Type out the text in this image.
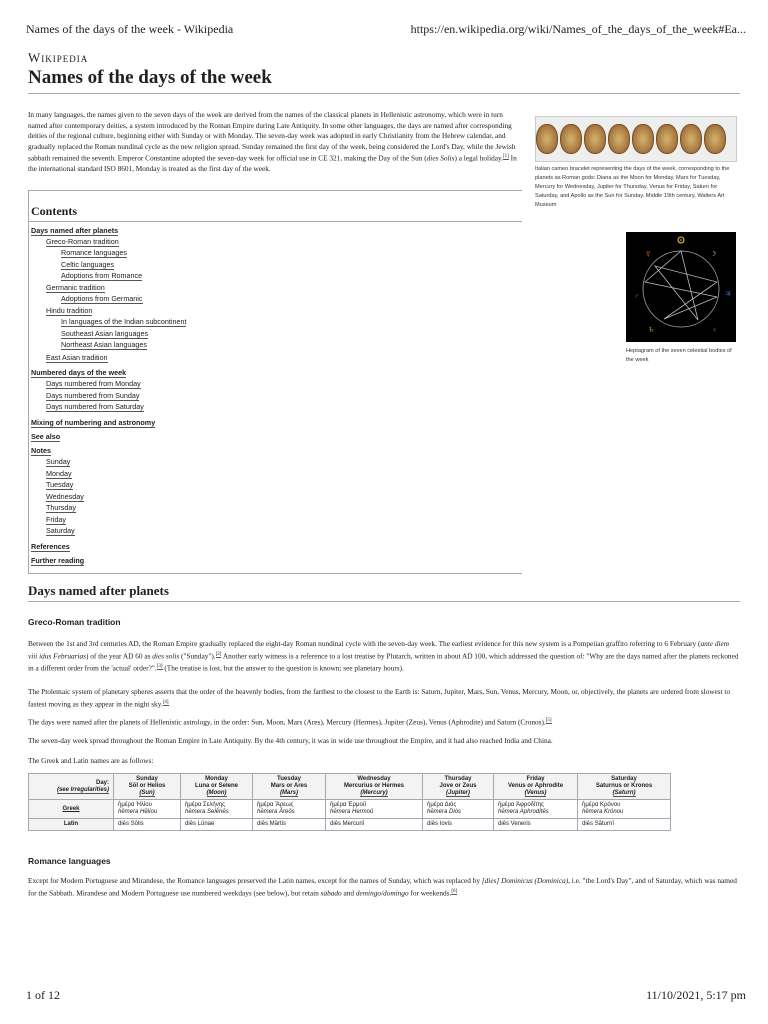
Names of the days of the week - Wikipedia	https://en.wikipedia.org/wiki/Names_of_the_days_of_the_week#Ea...
Wikipedia
Names of the days of the week

In many languages, the names given to the seven days of the week are derived from the names of the classical planets in Hellenistic astronomy, which were in turn named after contemporary deities, a system introduced by the Roman Empire during Late Antiquity. In some other languages, the days are named after corresponding deities of the regional culture, beginning either with Sunday or with Monday. The seven-day week was adopted in early Christianity from the Hebrew calendar, and gradually replaced the Roman nundinal cycle as the new religion spread. Sunday remained the first day of the week, being considered the Lord's Day, while the Jewish sabbath remained the seventh. Emperor Constantine adopted the seven-day week for official use in CE 321, making the Day of the Sun (dies Solis) a legal holiday.[1] In the international standard ISO 8601, Monday is treated as the first day of the week.	Italian cameo bracelet representing the days of the week, corresponding to the planets as Roman gods: Diana as the Moon for Monday, Mars for Tuesday, Mercury for Wednesday, Jupiter for Thursday, Venus for Friday, Saturn for Saturday, and Apollo as the Sun for Sunday. Middle 19th century, Walters Art Museum
Contents
Days named after planets
Greco-Roman tradition
Romance languages
Celtic languages
Adoptions from Romance
Germanic tradition
Adoptions from Germanic
Hindu tradition
In languages of the Indian subcontinent
Southeast Asian languages
Northeast Asian languages
East Asian tradition
Numbered days of the week
Days numbered from Monday
Days numbered from Sunday
Days numbered from Saturday
Mixing of numbering and astronomy
See also
Notes
Sunday
Monday
Tuesday
Wednesday
Thursday
Friday
Saturday
References
Further reading
☽
♃
♀
♄
♂
☿
Heptagram of the seven celestial bodies of the week
Days named after planets
Greco-Roman tradition

Between the 1st and 3rd centuries AD, the Roman Empire gradually replaced the eight-day Roman nundinal cycle with the seven-day week. The earliest evidence for this new system is a Pompeiian graffito referring to 6 February (ante diem viii idus Februarias) of the year AD 60 as dies solis ("Sunday").[2] Another early witness is a reference to a lost treatise by Plutarch, written in about AD 100, which addressed the question of: "Why are the days named after the planets reckoned in a different order from the 'actual' order?".[3] (The treatise is lost, but the answer to the question is known; see planetary hours).

The Ptolemaic system of planetary spheres asserts that the order of the heavenly bodies, from the farthest to the closest to the Earth is: Saturn, Jupiter, Mars, Sun, Venus, Mercury, Moon, or, objectively, the planets are ordered from slowest to fastest moving as they appear in the night sky.[4]

The days were named after the planets of Hellenistic astrology, in the order: Sun, Moon, Mars (Ares), Mercury (Hermes), Jupiter (Zeus), Venus (Aphrodite) and Saturn (Cronos).[5]

The seven-day week spread throughout the Roman Empire in Late Antiquity. By the 4th century, it was in wide use throughout the Empire, and it had also reached India and China.

The Greek and Latin names are as follows:

Day:
(see Irregularities)	Sunday
Sōl or Helios
(Sun)	Monday
Luna or Selene
(Moon)	Tuesday
Mars or Ares
(Mars)	Wednesday
Mercurius or Hermes
(Mercury)	Thursday
Jove or Zeus
(Jupiter)	Friday
Venus or Aphrodite
(Venus)	Saturday
Saturnus or Kronos
(Saturn)
Greek	ἡμέρα Ἡλίου
hēmera Hēlíou	ἡμέρα Σελήνης
hēmera Selḗnēs	ἡμέρα Ἄρεως
hēmera Áreōs	ἡμέρα Ἑρμοῦ
hēmera Hermoû	ἡμέρα Διός
hēmera Diós	ἡμέρα Ἀφροδίτης
hēmera Aphrodítēs	ἡμέρα Κρόνου
hēmera Krónou
Latin	diēs Sōlis	diēs Lūnae	diēs Mārtis	diēs Mercuriī	diēs Iovis	diēs Veneris	diēs Sāturnī
Romance languages

Except for Modern Portuguese and Mirandese, the Romance languages preserved the Latin names, except for the names of Sunday, which was replaced by [dies] Dominicus (Dominica), i.e. "the Lord's Day", and of Saturday, which was named for the Sabbath. Mirandese and Modern Portuguese use numbered weekdays (see below), but retain sábado and demingo/domingo for weekends.[6]

1 of 12	11/10/2021, 5:17 pm
